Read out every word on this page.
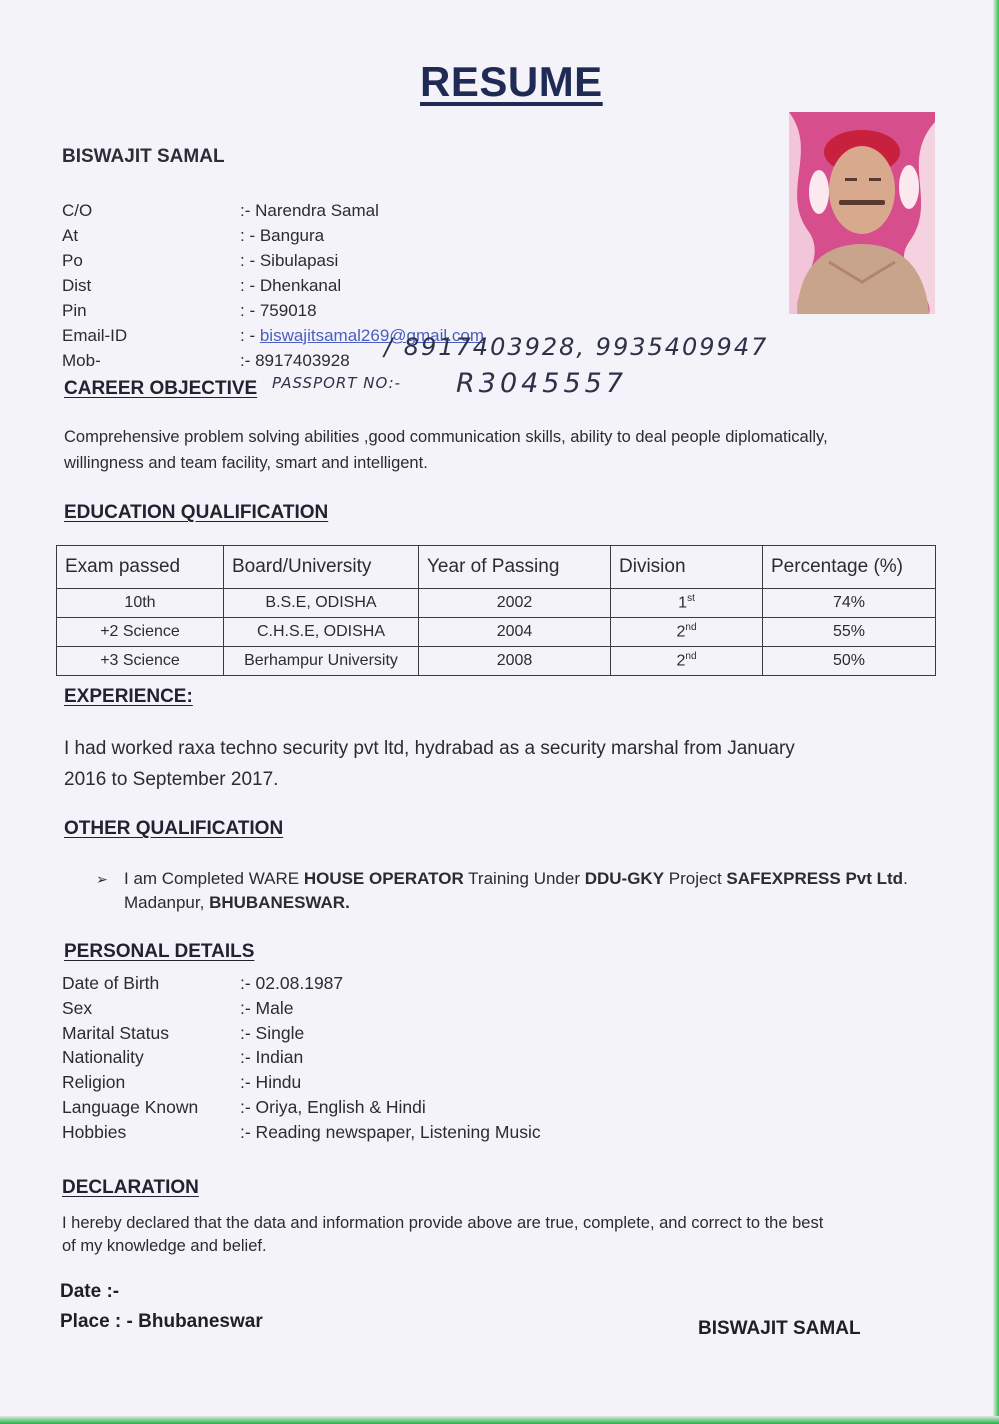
RESUME
BISWAJIT SAMAL
C/O	:- Narendra Samal
At	: - Bangura
Po	: - Sibulapasi
Dist	: - Dhenkanal
Pin	: - 759018
Email-ID	: - biswajitsamal269@gmail.com
Mob-	:- 8917403928 / 8917403928, 9935409947
PASSPORT NO:- R3045557
CAREER OBJECTIVE
Comprehensive problem solving abilities ,good communication skills, ability to deal people diplomatically,
willingness and team facility, smart and intelligent.
EDUCATION QUALIFICATION
Exam passed	Board/University	Year of Passing	Division	Percentage (%)
10th	B.S.E, ODISHA	2002	1st	74%
+2 Science	C.H.S.E, ODISHA	2004	2nd	55%
+3 Science	Berhampur University	2008	2nd	50%
EXPERIENCE:
I had worked raxa techno security pvt ltd, hydrabad as a security marshal from January
2016 to September 2017.
OTHER QUALIFICATION
➢ I am Completed WARE HOUSE OPERATOR Training Under DDU-GKY Project SAFEXPRESS Pvt Ltd.
Madanpur, BHUBANESWAR.
PERSONAL DETAILS
Date of Birth	:- 02.08.1987
Sex	:- Male
Marital Status	:- Single
Nationality	:- Indian
Religion	:- Hindu
Language Known	:- Oriya, English & Hindi
Hobbies	:- Reading newspaper, Listening Music
DECLARATION
I hereby declared that the data and information provide above are true, complete, and correct to the best
of my knowledge and belief.
Date :-
Place : - Bhubaneswar	BISWAJIT SAMAL
